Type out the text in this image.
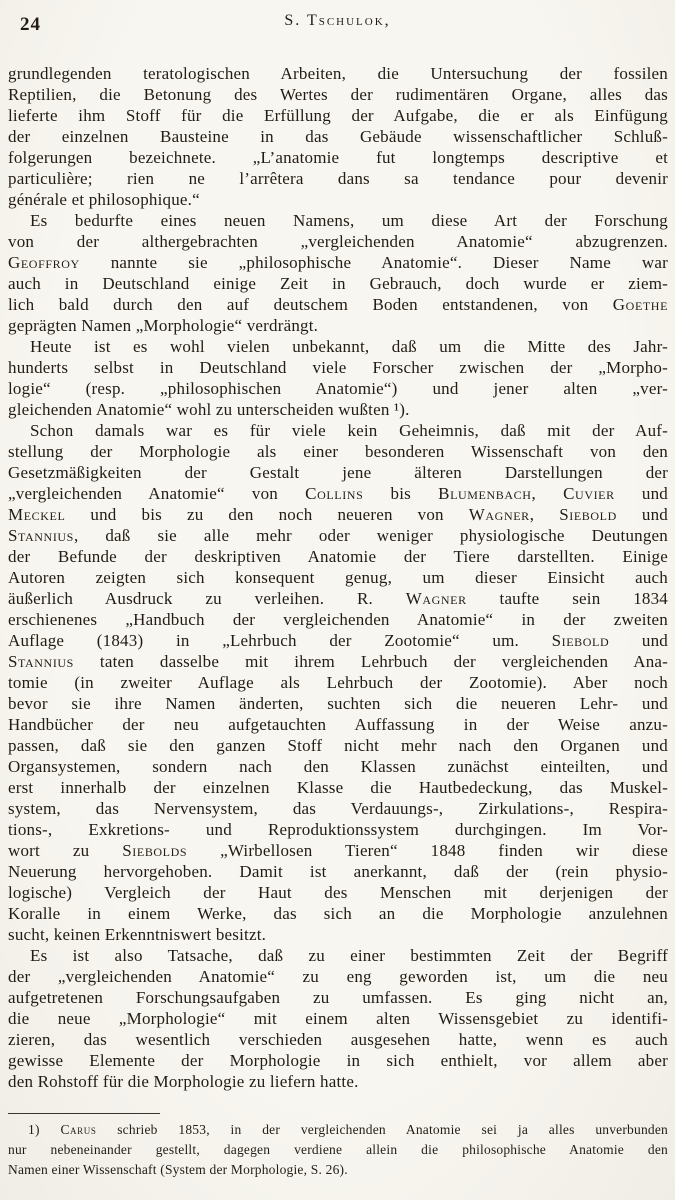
24	S. Tschulok,
grundlegenden teratologischen Arbeiten, die Untersuchung der fossilen
Reptilien, die Betonung des Wertes der rudimentären Organe, alles das
lieferte ihm Stoff für die Erfüllung der Aufgabe, die er als Einfügung
der einzelnen Bausteine in das Gebäude wissenschaftlicher Schluß-
folgerungen bezeichnete. „L’anatomie fut longtemps descriptive et
particulière; rien ne l’arrêtera dans sa tendance pour devenir
générale et philosophique.“
Es bedurfte eines neuen Namens, um diese Art der Forschung
von der althergebrachten „vergleichenden Anatomie“ abzugrenzen.
Geoffroy nannte sie „philosophische Anatomie“. Dieser Name war
auch in Deutschland einige Zeit in Gebrauch, doch wurde er ziem-
lich bald durch den auf deutschem Boden entstandenen, von Goethe
geprägten Namen „Morphologie“ verdrängt.
Heute ist es wohl vielen unbekannt, daß um die Mitte des Jahr-
hunderts selbst in Deutschland viele Forscher zwischen der „Morpho-
logie“ (resp. „philosophischen Anatomie“) und jener alten „ver-
gleichenden Anatomie“ wohl zu unterscheiden wußten ¹).
Schon damals war es für viele kein Geheimnis, daß mit der Auf-
stellung der Morphologie als einer besonderen Wissenschaft von den
Gesetzmäßigkeiten der Gestalt jene älteren Darstellungen der
„vergleichenden Anatomie“ von Collins bis Blumenbach, Cuvier und
Meckel und bis zu den noch neueren von Wagner, Siebold und
Stannius, daß sie alle mehr oder weniger physiologische Deutungen
der Befunde der deskriptiven Anatomie der Tiere darstellten. Einige
Autoren zeigten sich konsequent genug, um dieser Einsicht auch
äußerlich Ausdruck zu verleihen. R. Wagner taufte sein 1834
erschienenes „Handbuch der vergleichenden Anatomie“ in der zweiten
Auflage (1843) in „Lehrbuch der Zootomie“ um. Siebold und
Stannius taten dasselbe mit ihrem Lehrbuch der vergleichenden Ana-
tomie (in zweiter Auflage als Lehrbuch der Zootomie). Aber noch
bevor sie ihre Namen änderten, suchten sich die neueren Lehr- und
Handbücher der neu aufgetauchten Auffassung in der Weise anzu-
passen, daß sie den ganzen Stoff nicht mehr nach den Organen und
Organsystemen, sondern nach den Klassen zunächst einteilten, und
erst innerhalb der einzelnen Klasse die Hautbedeckung, das Muskel-
system, das Nervensystem, das Verdauungs-, Zirkulations-, Respira-
tions-, Exkretions- und Reproduktionssystem durchgingen. Im Vor-
wort zu Siebolds „Wirbellosen Tieren“ 1848 finden wir diese
Neuerung hervorgehoben. Damit ist anerkannt, daß der (rein physio-
logische) Vergleich der Haut des Menschen mit derjenigen der
Koralle in einem Werke, das sich an die Morphologie anzulehnen
sucht, keinen Erkenntniswert besitzt.
Es ist also Tatsache, daß zu einer bestimmten Zeit der Begriff
der „vergleichenden Anatomie“ zu eng geworden ist, um die neu
aufgetretenen Forschungsaufgaben zu umfassen. Es ging nicht an,
die neue „Morphologie“ mit einem alten Wissensgebiet zu identifi-
zieren, das wesentlich verschieden ausgesehen hatte, wenn es auch
gewisse Elemente der Morphologie in sich enthielt, vor allem aber
den Rohstoff für die Morphologie zu liefern hatte.
1) Carus schrieb 1853, in der vergleichenden Anatomie sei ja alles unverbunden
nur nebeneinander gestellt, dagegen verdiene allein die philosophische Anatomie den
Namen einer Wissenschaft (System der Morphologie, S. 26).
